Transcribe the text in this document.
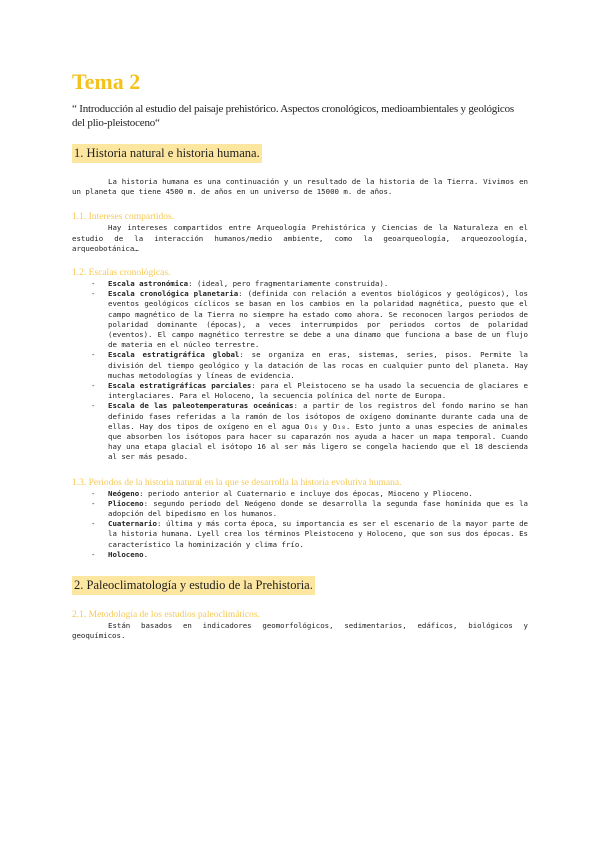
Tema 2

“ Introducción al estudio del paisaje prehistórico. Aspectos cronológicos, medioambientales y geológicos del plio-pleistoceno“

1. Historia natural e historia humana.

La historia humana es una continuación y un resultado de la historia de la Tierra. Vivimos en un planeta que tiene 4500 m. de años en un universo de 15000 m. de años.

1.1. Intereses compartidos.

Hay intereses compartidos entre Arqueología Prehistórica y Ciencias de la Naturaleza en el estudio de la interacción humanos/medio ambiente, como la geoarqueología, arqueozoología, arqueobotánica…

1.2. Escalas cronológicas.

- Escala astronómica: (ideal, pero fragmentariamente construida).
- Escala cronológica planetaria: (definida con relación a eventos biológicos y geológicos), los eventos geológicos cíclicos se basan en los cambios en la polaridad magnética, puesto que el campo magnético de la Tierra no siempre ha estado como ahora. Se reconocen largos periodos de polaridad dominante (épocas), a veces interrumpidos por periodos cortos de polaridad (eventos). El campo magnético terrestre se debe a una dinamo que funciona a base de un flujo de materia en el núcleo terrestre.
- Escala estratigráfica global: se organiza en eras, sistemas, series, pisos. Permite la división del tiempo geológico y la datación de las rocas en cualquier punto del planeta. Hay muchas metodologías y líneas de evidencia.
- Escala estratigráficas parciales: para el Pleistoceno se ha usado la secuencia de glaciares e interglaciares. Para el Holoceno, la secuencia polínica del norte de Europa.
- Escala de las paleotemperaturas oceánicas: a partir de los registros del fondo marino se han definido fases referidas a la ramón de los isótopos de oxígeno dominante durante cada una de ellas. Hay dos tipos de oxígeno en el agua O₁₆ y O₁₈. Esto junto a unas especies de animales que absorben los isótopos para hacer su caparazón nos ayuda a hacer un mapa temporal. Cuando hay una etapa glacial el isótopo 16 al ser más ligero se congela haciendo que el 18 descienda al ser más pesado.

1.3. Periodos de la historia natural en la que se desarrolla la historia evolutiva humana.

- Neógeno: periodo anterior al Cuaternario e incluye dos épocas, Mioceno y Plioceno.
- Plioceno: segundo periodo del Neógeno donde se desarrolla la segunda fase homínida que es la adopción del bipedismo en los humanos.
- Cuaternario: última y más corta época, su importancia es ser el escenario de la mayor parte de la historia humana. Lyell crea los términos Pleistoceno y Holoceno, que son sus dos épocas. Es característico la hominización y clima frío.
- Holoceno.
2. Paleoclimatología y estudio de la Prehistoria.

2.1. Metodología de los estudios paleoclimáticos.

Están basados en indicadores geomorfológicos, sedimentarios, edáficos, biológicos y geoquímicos.
